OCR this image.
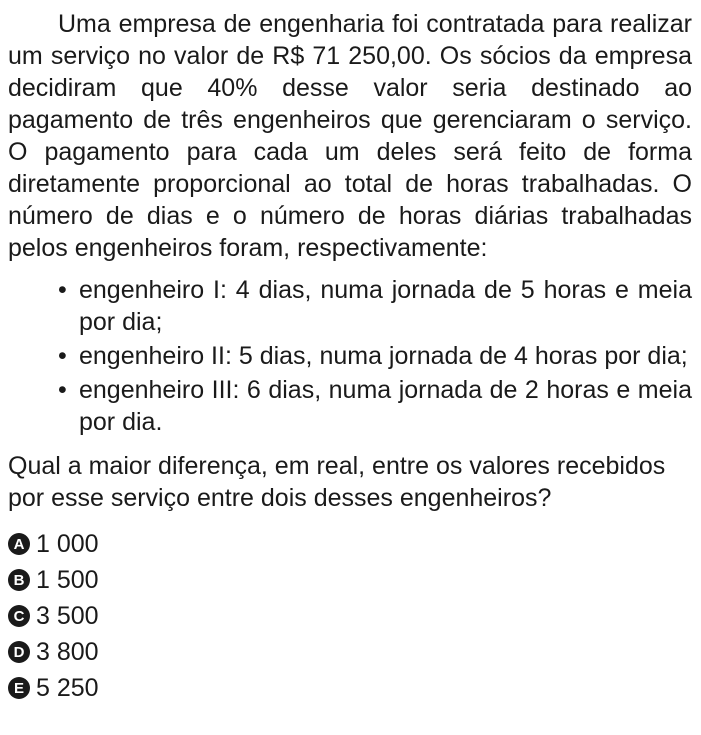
Uma empresa de engenharia foi contratada para realizar um serviço no valor de R$ 71 250,00. Os sócios da empresa decidiram que 40% desse valor seria destinado ao pagamento de três engenheiros que gerenciaram o serviço. O pagamento para cada um deles será feito de forma diretamente proporcional ao total de horas trabalhadas. O número de dias e o número de horas diárias trabalhadas pelos engenheiros foram, respectivamente:

• engenheiro I: 4 dias, numa jornada de 5 horas e meia por dia;
• engenheiro II: 5 dias, numa jornada de 4 horas por dia;
• engenheiro III: 6 dias, numa jornada de 2 horas e meia por dia.

Qual a maior diferença, em real, entre os valores recebidos por esse serviço entre dois desses engenheiros?

A 1 000
B 1 500
C 3 500
D 3 800
E 5 250
